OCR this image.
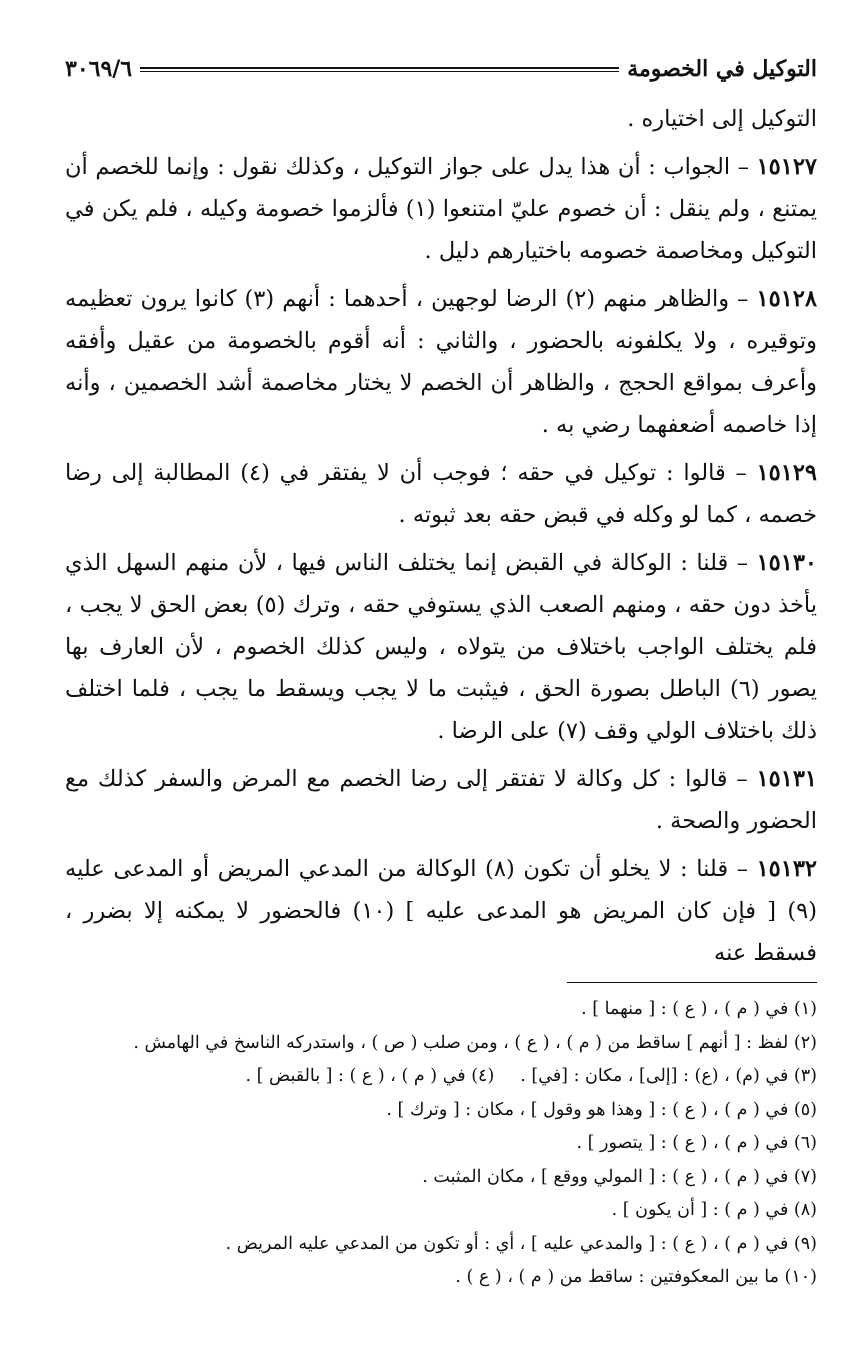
التوكيل في الخصومة
٣٠٦٩/٦

التوكيل إلى اختياره .

١٥١٢٧ – الجواب : أن هذا يدل على جواز التوكيل ، وكذلك نقول : وإنما للخصم أن يمتنع ، ولم ينقل : أن خصوم عليّ امتنعوا (١) فألزموا خصومة وكيله ، فلم يكن في التوكيل ومخاصمة خصومه باختيارهم دليل .

١٥١٢٨ – والظاهر منهم (٢) الرضا لوجهين ، أحدهما : أنهم (٣) كانوا يرون تعظيمه وتوقيره ، ولا يكلفونه بالحضور ، والثاني : أنه أقوم بالخصومة من عقيل وأفقه وأعرف بمواقع الحجج ، والظاهر أن الخصم لا يختار مخاصمة أشد الخصمين ، وأنه إذا خاصمه أضعفهما رضي به .

١٥١٢٩ – قالوا : توكيل في حقه ؛ فوجب أن لا يفتقر في (٤) المطالبة إلى رضا خصمه ، كما لو وكله في قبض حقه بعد ثبوته .

١٥١٣٠ – قلنا : الوكالة في القبض إنما يختلف الناس فيها ، لأن منهم السهل الذي يأخذ دون حقه ، ومنهم الصعب الذي يستوفي حقه ، وترك (٥) بعض الحق لا يجب ، فلم يختلف الواجب باختلاف من يتولاه ، وليس كذلك الخصوم ، لأن العارف بها يصور (٦) الباطل بصورة الحق ، فيثبت ما لا يجب ويسقط ما يجب ، فلما اختلف ذلك باختلاف الولي وقف (٧) على الرضا .

١٥١٣١ – قالوا : كل وكالة لا تفتقر إلى رضا الخصم مع المرض والسفر كذلك مع الحضور والصحة .

١٥١٣٢ – قلنا : لا يخلو أن تكون (٨) الوكالة من المدعي المريض أو المدعى عليه (٩) [ فإن كان المريض هو المدعى عليه ] (١٠) فالحضور لا يمكنه إلا بضرر ، فسقط عنه

(١) في ( م ) ، ( ع ) : [ منهما ] .
(٢) لفظ : [ أنهم ] ساقط من ( م ) ، ( ع ) ، ومن صلب ( ص ) ، واستدركه الناسخ في الهامش .
(٣) في (م) ، (ع) : [إلى] ، مكان : [في] .
(٤) في ( م ) ، ( ع ) : [ بالقبض ] .
(٥) في ( م ) ، ( ع ) : [ وهذا هو وقول ] ، مكان : [ وترك ] .
(٦) في ( م ) ، ( ع ) : [ يتصور ] .
(٧) في ( م ) ، ( ع ) : [ المولي ووقع ] ، مكان المثبت .
(٨) في ( م ) : [ أن يكون ] .
(٩) في ( م ) ، ( ع ) : [ والمدعي عليه ] ، أي : أو تكون من المدعي عليه المريض .
(١٠) ما بين المعكوفتين : ساقط من ( م ) ، ( ع ) .
